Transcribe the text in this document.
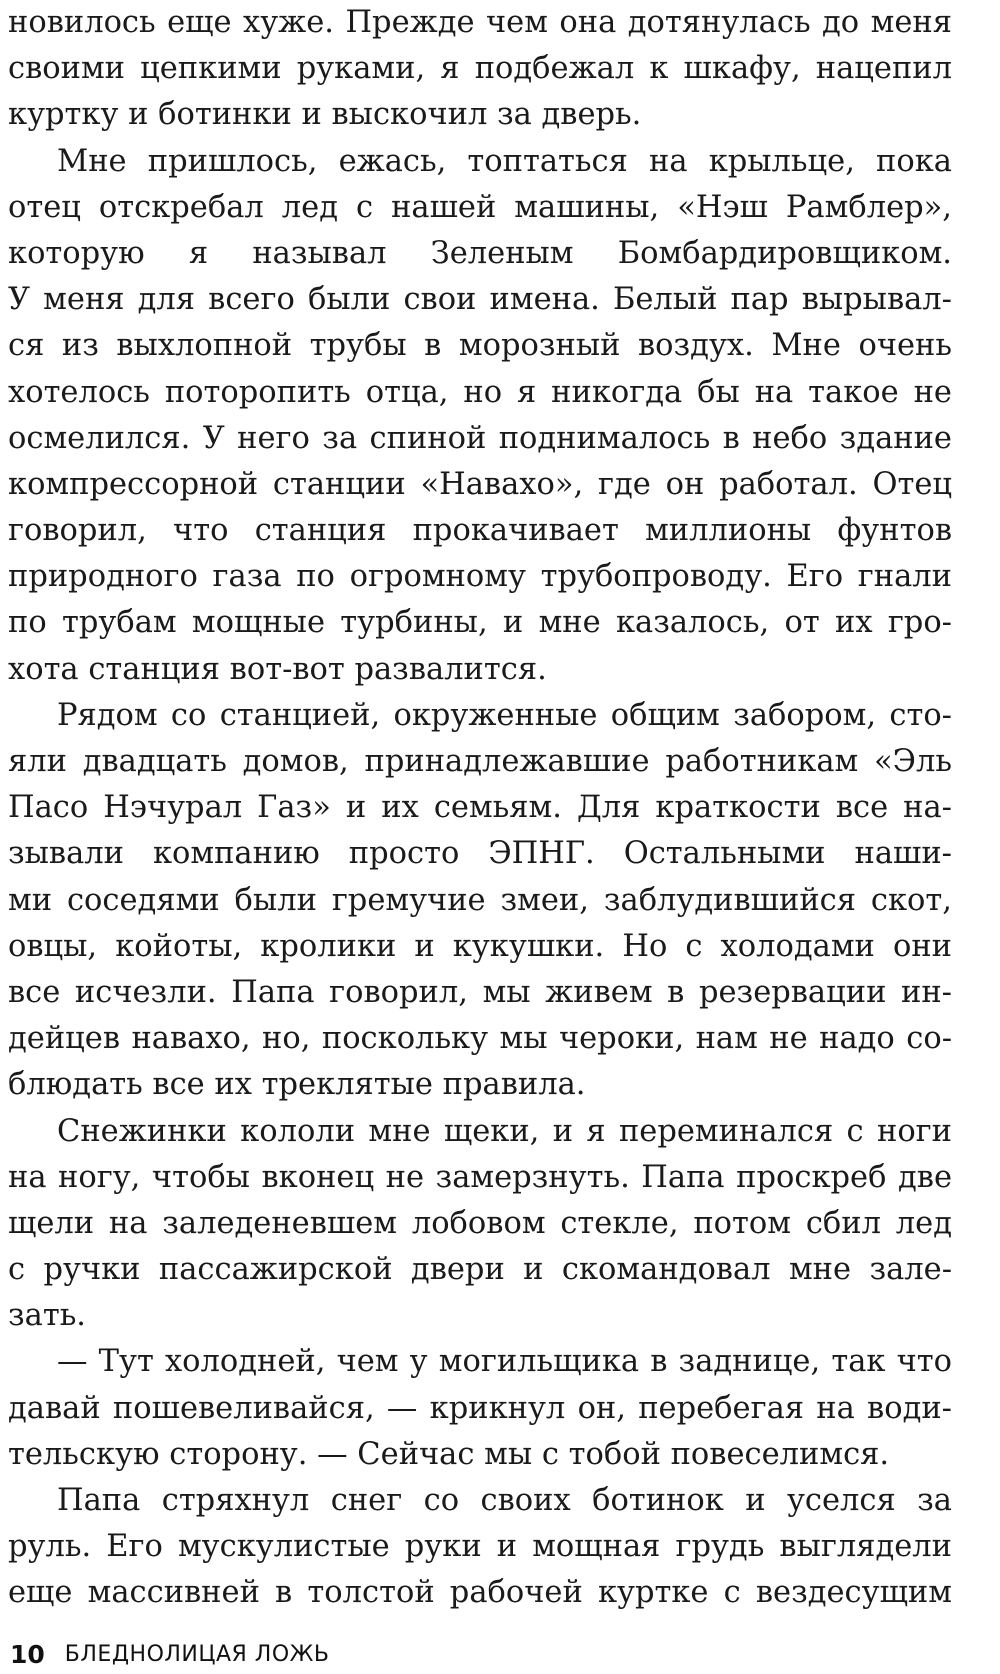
новилось еще хуже. Прежде чем она дотянулась до меня
своими цепкими руками, я подбежал к шкафу, нацепил
куртку и ботинки и выскочил за дверь.
Мне пришлось, ежась, топтаться на крыльце, пока
отец отскребал лед с нашей машины, «Нэш Рамблер»,
которую я называл Зеленым Бомбардировщиком.
У меня для всего были свои имена. Белый пар вырывал-
ся из выхлопной трубы в морозный воздух. Мне очень
хотелось поторопить отца, но я никогда бы на такое не
осмелился. У него за спиной поднималось в небо здание
компрессорной станции «Навахо», где он работал. Отец
говорил, что станция прокачивает миллионы фунтов
природного газа по огромному трубопроводу. Его гнали
по трубам мощные турбины, и мне казалось, от их гро-
хота станция вот-вот развалится.
Рядом со станцией, окруженные общим забором, сто-
яли двадцать домов, принадлежавшие работникам «Эль
Пасо Нэчурал Газ» и их семьям. Для краткости все на-
зывали компанию просто ЭПНГ. Остальными наши-
ми соседями были гремучие змеи, заблудившийся скот,
овцы, койоты, кролики и кукушки. Но с холодами они
все исчезли. Папа говорил, мы живем в резервации ин-
дейцев навахо, но, поскольку мы чероки, нам не надо со-
блюдать все их треклятые правила.
Снежинки кололи мне щеки, и я переминался с ноги
на ногу, чтобы вконец не замерзнуть. Папа проскреб две
щели на заледеневшем лобовом стекле, потом сбил лед
с ручки пассажирской двери и скомандовал мне зале-
зать.
— Тут холодней, чем у могильщика в заднице, так что
давай пошевеливайся, — крикнул он, перебегая на води-
тельскую сторону. — Сейчас мы с тобой повеселимся.
Папа стряхнул снег со своих ботинок и уселся за
руль. Его мускулистые руки и мощная грудь выглядели
еще массивней в толстой рабочей куртке с вездесущим
10 БЛЕДНОЛИЦАЯ ЛОЖЬ
